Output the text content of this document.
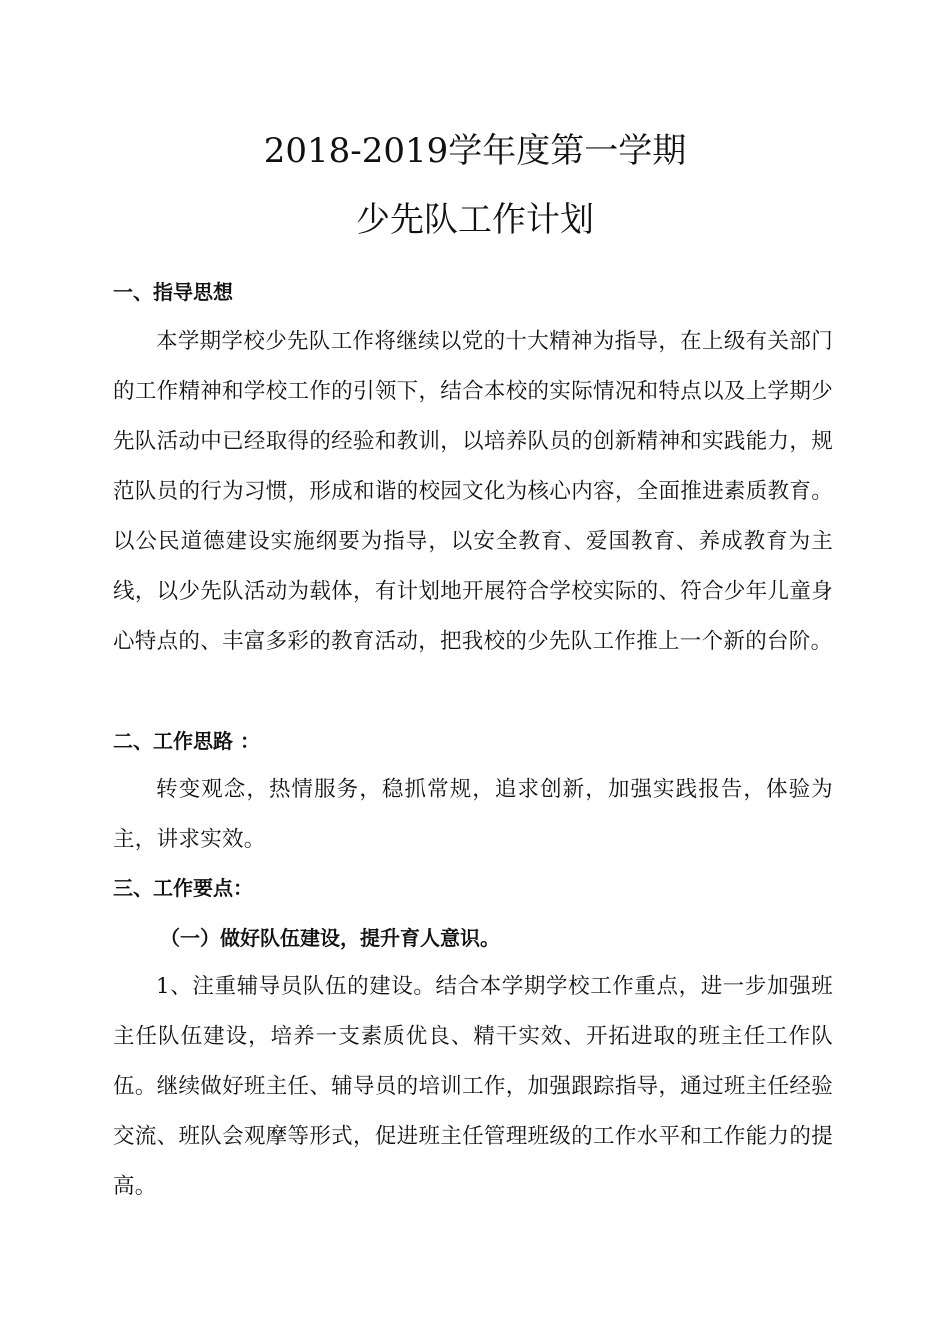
2018-2019学年度第一学期
少先队工作计划
一、指导思想

本学期学校少先队工作将继续以党的十大精神为指导，在上级有关部门的工作精神和学校工作的引领下，结合本校的实际情况和特点以及上学期少先队活动中已经取得的经验和教训，以培养队员的创新精神和实践能力，规范队员的行为习惯，形成和谐的校园文化为核心内容，全面推进素质教育。以公民道德建设实施纲要为指导，以安全教育、爱国教育、养成教育为主线，以少先队活动为载体，有计划地开展符合学校实际的、符合少年儿童身心特点的、丰富多彩的教育活动，把我校的少先队工作推上一个新的台阶。

二、工作思路 ：

转变观念，热情服务，稳抓常规，追求创新，加强实践报告，体验为主，讲求实效。

三、工作要点：
（一）做好队伍建设，提升育人意识。

1、注重辅导员队伍的建设。结合本学期学校工作重点，进一步加强班主任队伍建设，培养一支素质优良、精干实效、开拓进取的班主任工作队伍。继续做好班主任、辅导员的培训工作，加强跟踪指导，通过班主任经验交流、班队会观摩等形式，促进班主任管理班级的工作水平和工作能力的提高。
